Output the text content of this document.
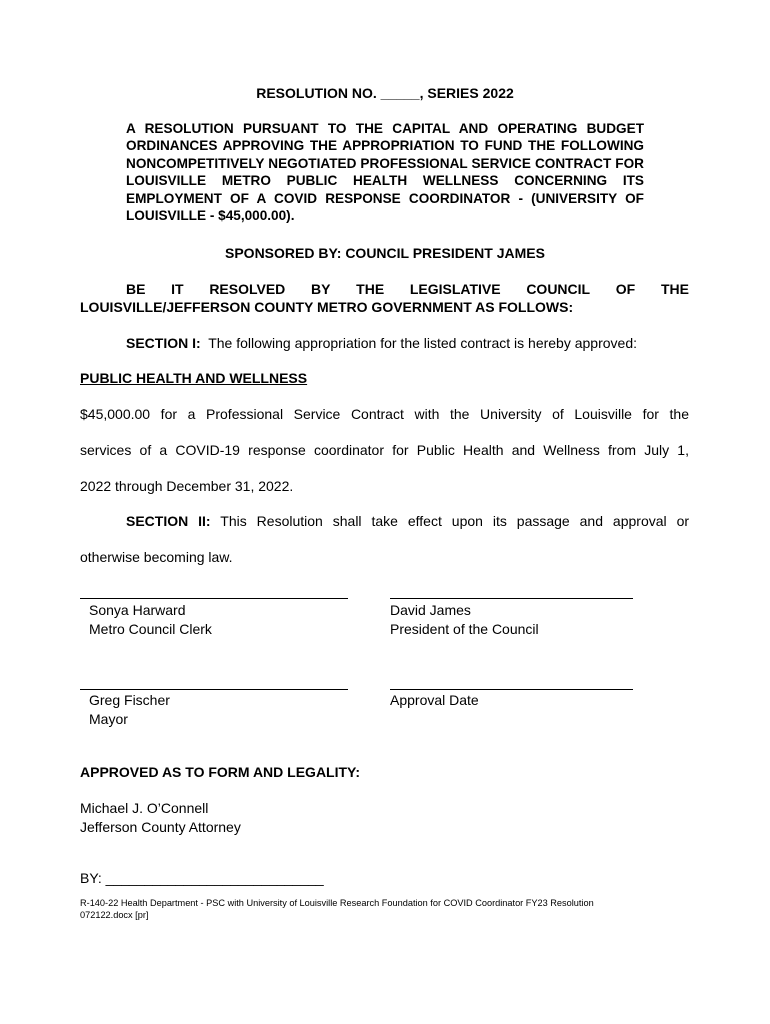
RESOLUTION NO. _____, SERIES 2022

A RESOLUTION PURSUANT TO THE CAPITAL AND OPERATING BUDGET ORDINANCES APPROVING THE APPROPRIATION TO FUND THE FOLLOWING NONCOMPETITIVELY NEGOTIATED PROFESSIONAL SERVICE CONTRACT FOR LOUISVILLE METRO PUBLIC HEALTH WELLNESS CONCERNING ITS EMPLOYMENT OF A COVID RESPONSE COORDINATOR - (UNIVERSITY OF LOUISVILLE - $45,000.00).

SPONSORED BY: COUNCIL PRESIDENT JAMES

BE IT RESOLVED BY THE LEGISLATIVE COUNCIL OF THE

LOUISVILLE/JEFFERSON COUNTY METRO GOVERNMENT AS FOLLOWS:

SECTION I: The following appropriation for the listed contract is hereby approved:

PUBLIC HEALTH AND WELLNESS

$45,000.00 for a Professional Service Contract with the University of Louisville for the

services of a COVID-19 response coordinator for Public Health and Wellness from July 1,

2022 through December 31, 2022.

SECTION II: This Resolution shall take effect upon its passage and approval or

otherwise becoming law.

Sonya Harward
Metro Council Clerk
David James
President of the Council
Greg Fischer
Mayor
Approval Date

APPROVED AS TO FORM AND LEGALITY:

Michael J. O’Connell
Jefferson County Attorney

BY: ____________________________

R-140-22 Health Department - PSC with University of Louisville Research Foundation for COVID Coordinator FY23 Resolution
072122.docx [pr]
